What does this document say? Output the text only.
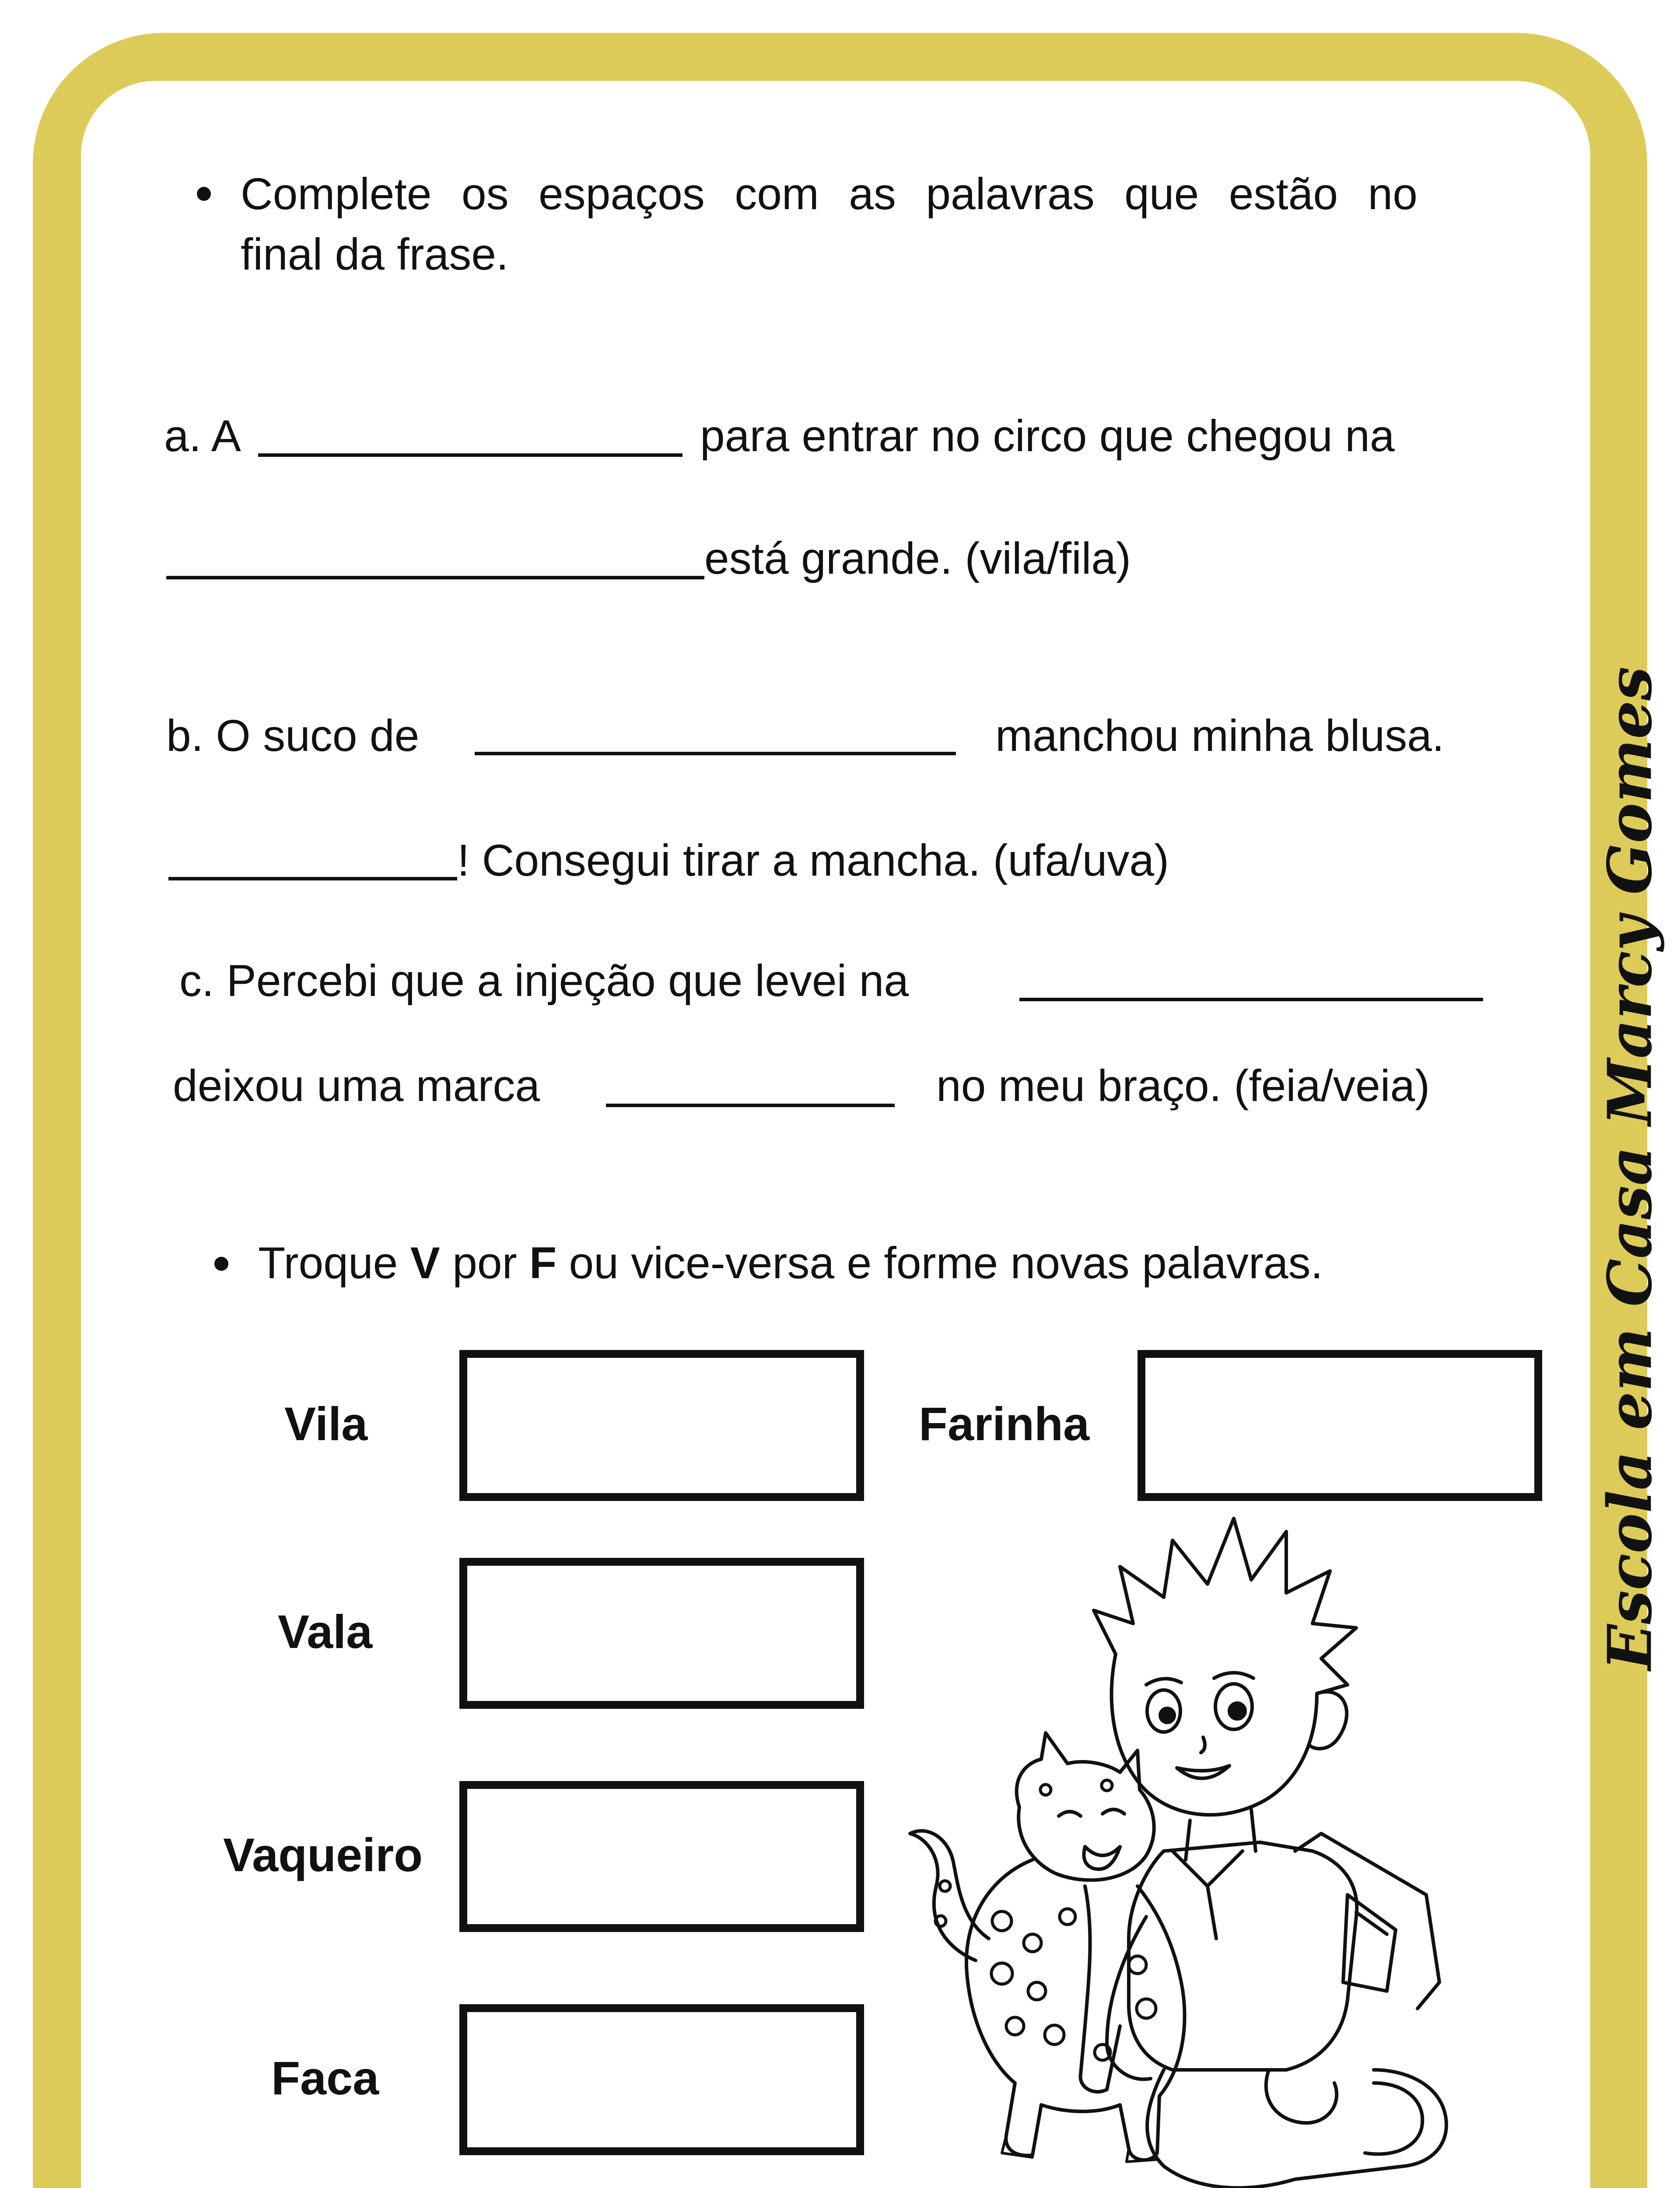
Complete os espaços com as palavras que estão no
final da frase.
a. A	para entrar no circo que chegou na
está grande. (vila/fila)
b. O suco de	manchou minha blusa.
! Consegui tirar a mancha. (ufa/uva)
c. Percebi que a injeção que levei na
deixou uma marca	no meu braço. (feia/veia)
Troque V por F ou vice-versa e forme novas palavras.
Vila	Farinha
Vala
Vaqueiro
Faca
Escola em Casa Marcy Gomes
